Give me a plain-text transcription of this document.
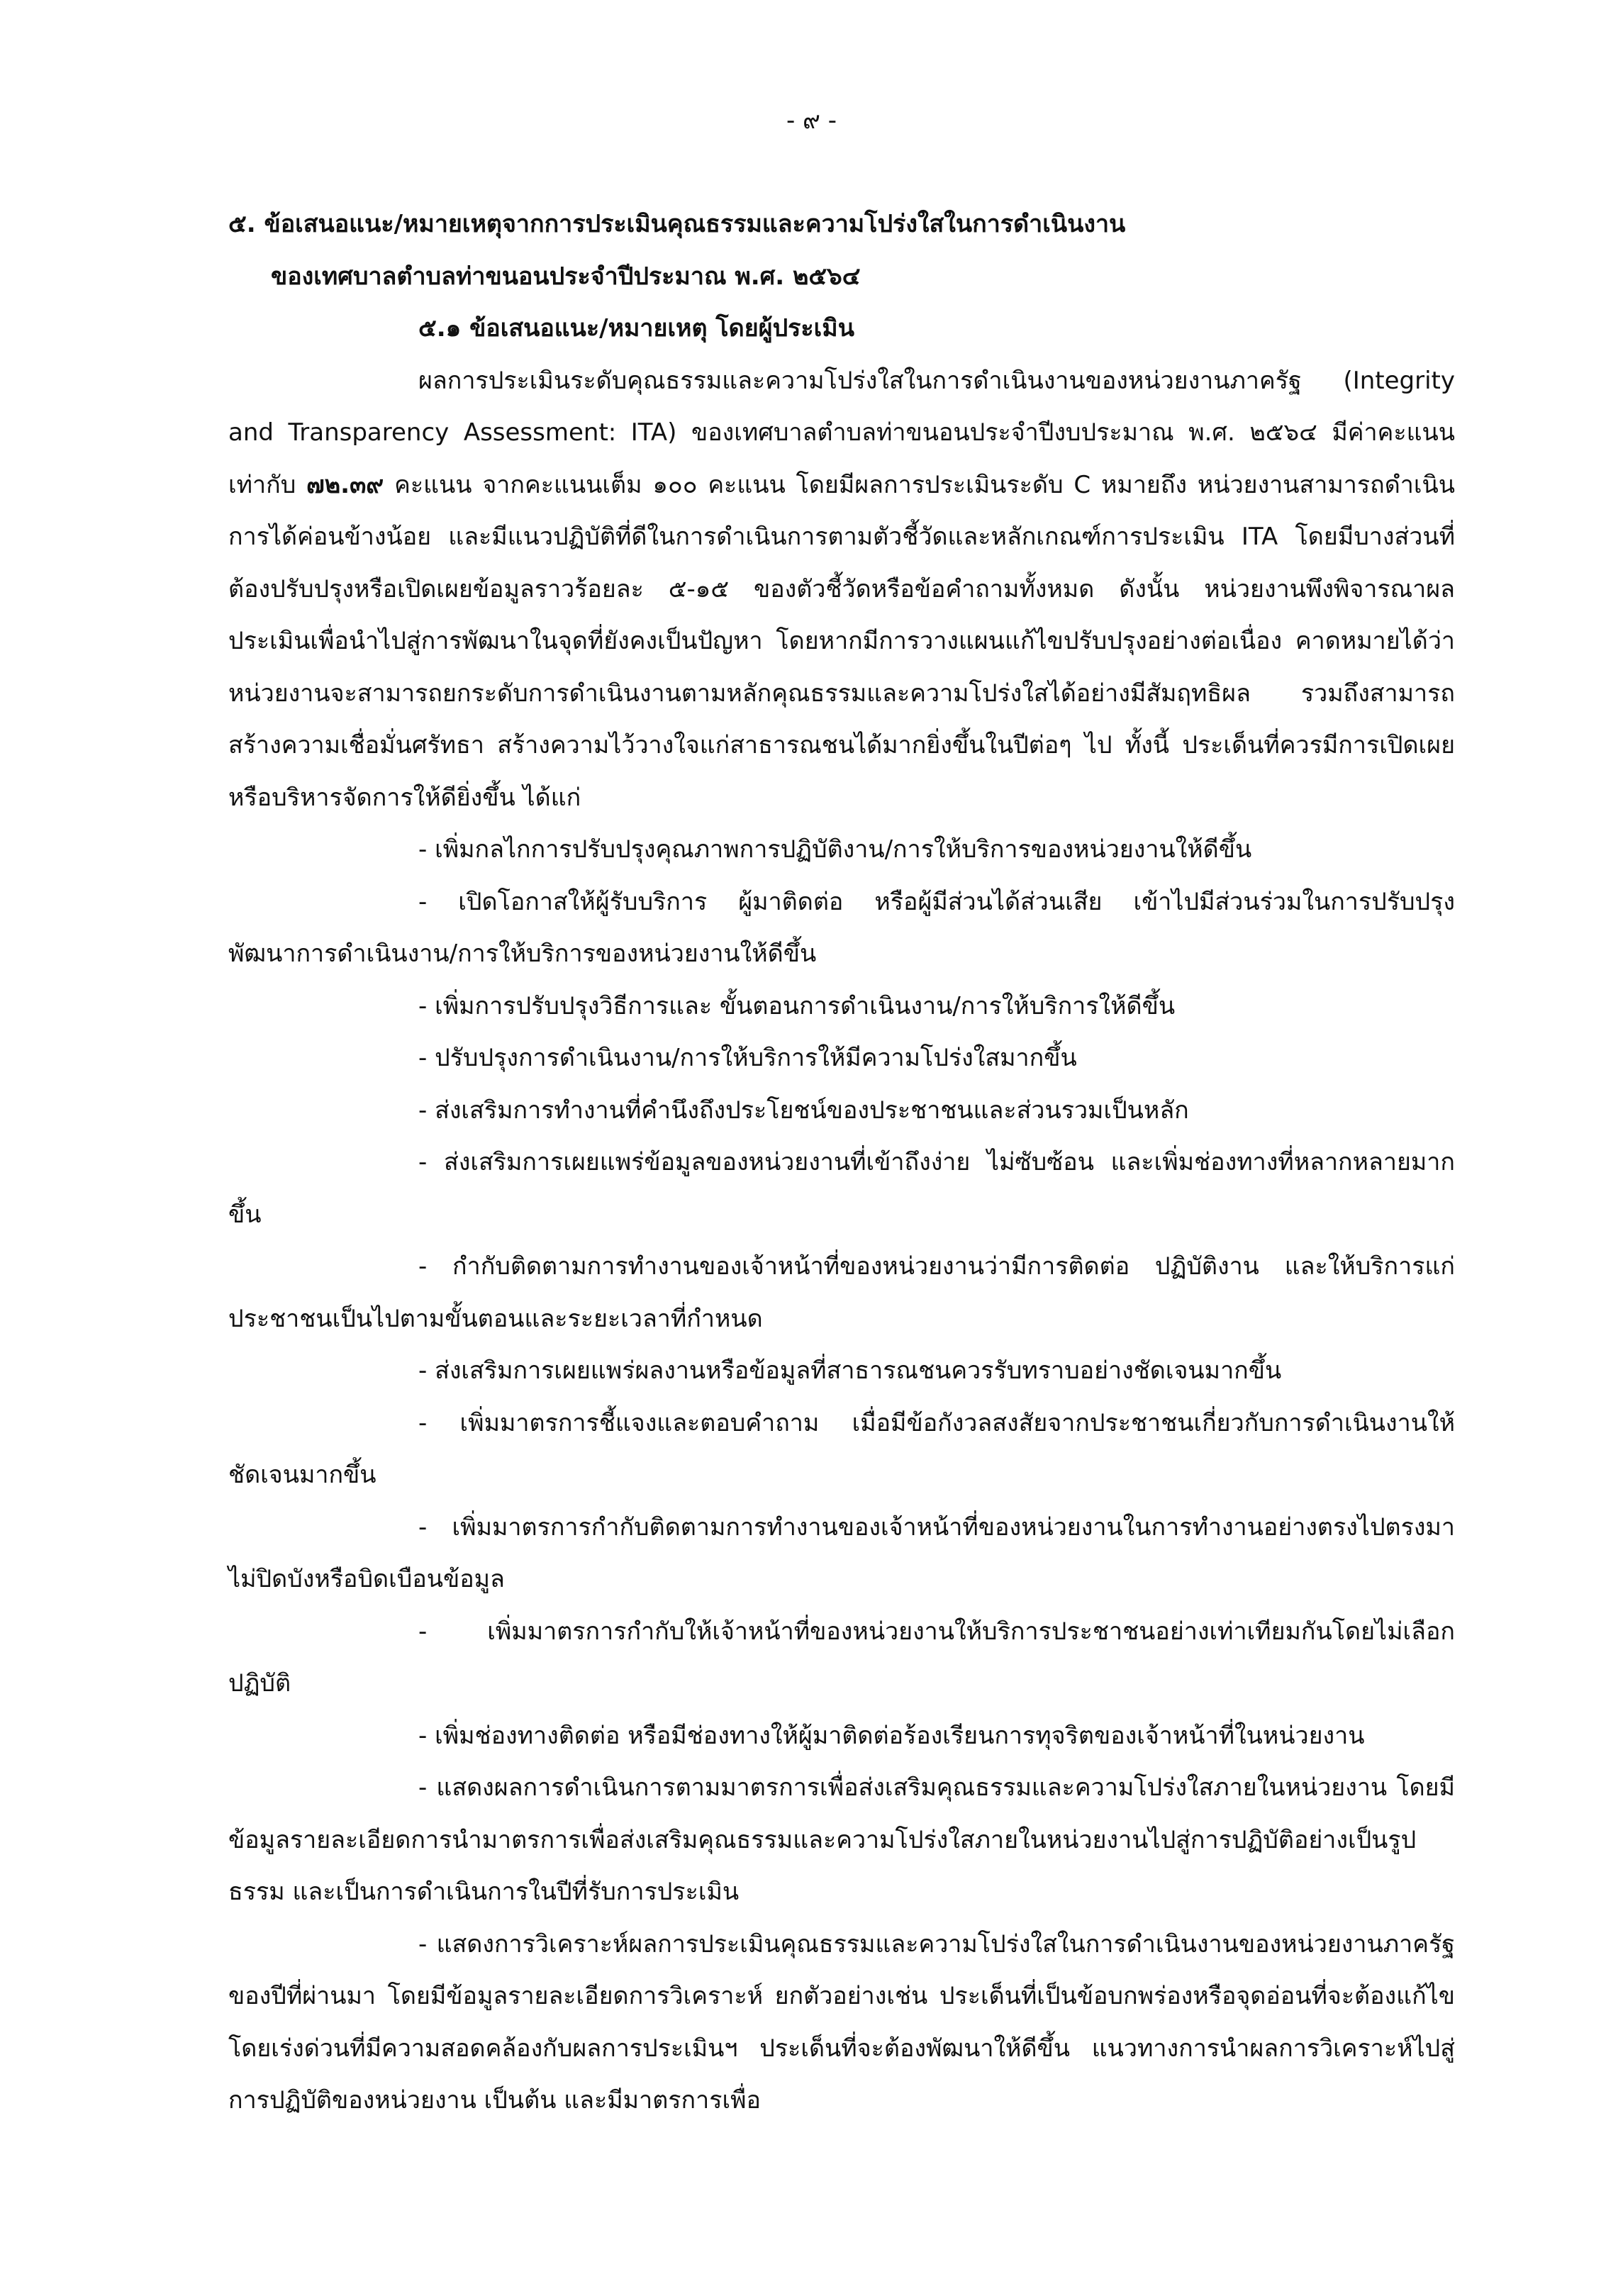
- ๙ -

๕. ข้อเสนอแนะ/หมายเหตุจากการประเมินคุณธรรมและความโปร่งใสในการดำเนินงาน

ของเทศบาลตำบลท่าขนอนประจำปีประมาณ พ.ศ. ๒๕๖๔

๕.๑ ข้อเสนอแนะ/หมายเหตุ โดยผู้ประเมิน

ผลการประเมินระดับคุณธรรมและความโปร่งใสในการดำเนินงานของหน่วยงานภาครัฐ (Integrity and Transparency Assessment: ITA) ของเทศบาลตำบลท่าขนอนประจำปีงบประมาณ พ.ศ. ๒๕๖๔ มีค่าคะแนนเท่ากับ ๗๒.๓๙ คะแนน จากคะแนนเต็ม ๑๐๐ คะแนน โดยมีผลการประเมินระดับ C หมายถึง หน่วยงานสามารถดำเนินการได้ค่อนข้างน้อย และมีแนวปฏิบัติที่ดีในการดำเนินการตามตัวชี้วัดและหลักเกณฑ์การประเมิน ITA โดยมีบางส่วนที่ต้องปรับปรุงหรือเปิดเผยข้อมูลราวร้อยละ ๕-๑๕ ของตัวชี้วัดหรือข้อคำถามทั้งหมด ดังนั้น หน่วยงานพึงพิจารณาผลประเมินเพื่อนำไปสู่การพัฒนาในจุดที่ยังคงเป็นปัญหา โดยหากมีการวางแผนแก้ไขปรับปรุงอย่างต่อเนื่อง คาดหมายได้ว่าหน่วยงานจะสามารถยกระดับการดำเนินงานตามหลักคุณธรรมและความโปร่งใสได้อย่างมีสัมฤทธิผล รวมถึงสามารถสร้างความเชื่อมั่นศรัทธา สร้างความไว้วางใจแก่สาธารณชนได้มากยิ่งขึ้นในปีต่อๆ ไป ทั้งนี้ ประเด็นที่ควรมีการเปิดเผย หรือบริหารจัดการให้ดียิ่งขึ้น ได้แก่

- เพิ่มกลไกการปรับปรุงคุณภาพการปฏิบัติงาน/การให้บริการของหน่วยงานให้ดีขึ้น

- เปิดโอกาสให้ผู้รับบริการ ผู้มาติดต่อ หรือผู้มีส่วนได้ส่วนเสีย เข้าไปมีส่วนร่วมในการปรับปรุงพัฒนาการดำเนินงาน/การให้บริการของหน่วยงานให้ดีขึ้น

- เพิ่มการปรับปรุงวิธีการและ ขั้นตอนการดำเนินงาน/การให้บริการให้ดีขึ้น

- ปรับปรุงการดำเนินงาน/การให้บริการให้มีความโปร่งใสมากขึ้น

- ส่งเสริมการทำงานที่คำนึงถึงประโยชน์ของประชาชนและส่วนรวมเป็นหลัก

- ส่งเสริมการเผยแพร่ข้อมูลของหน่วยงานที่เข้าถึงง่าย ไม่ซับซ้อน และเพิ่มช่องทางที่หลากหลายมากขึ้น

- กำกับติดตามการทำงานของเจ้าหน้าที่ของหน่วยงานว่ามีการติดต่อ ปฏิบัติงาน และให้บริการแก่ประชาชนเป็นไปตามขั้นตอนและระยะเวลาที่กำหนด

- ส่งเสริมการเผยแพร่ผลงานหรือข้อมูลที่สาธารณชนควรรับทราบอย่างชัดเจนมากขึ้น

- เพิ่มมาตรการชี้แจงและตอบคำถาม เมื่อมีข้อกังวลสงสัยจากประชาชนเกี่ยวกับการดำเนินงานให้ชัดเจนมากขึ้น

- เพิ่มมาตรการกำกับติดตามการทำงานของเจ้าหน้าที่ของหน่วยงานในการทำงานอย่างตรงไปตรงมา ไม่ปิดบังหรือบิดเบือนข้อมูล

- เพิ่มมาตรการกำกับให้เจ้าหน้าที่ของหน่วยงานให้บริการประชาชนอย่างเท่าเทียมกันโดยไม่เลือกปฏิบัติ

- เพิ่มช่องทางติดต่อ หรือมีช่องทางให้ผู้มาติดต่อร้องเรียนการทุจริตของเจ้าหน้าที่ในหน่วยงาน

- แสดงผลการดำเนินการตามมาตรการเพื่อส่งเสริมคุณธรรมและความโปร่งใสภายในหน่วยงาน โดยมีข้อมูลรายละเอียดการนำมาตรการเพื่อส่งเสริมคุณธรรมและความโปร่งใสภายในหน่วยงานไปสู่การปฏิบัติอย่างเป็นรูปธรรม และเป็นการดำเนินการในปีที่รับการประเมิน

- แสดงการวิเคราะห์ผลการประเมินคุณธรรมและความโปร่งใสในการดำเนินงานของหน่วยงานภาครัฐของปีที่ผ่านมา โดยมีข้อมูลรายละเอียดการวิเคราะห์ ยกตัวอย่างเช่น ประเด็นที่เป็นข้อบกพร่องหรือจุดอ่อนที่จะต้องแก้ไขโดยเร่งด่วนที่มีความสอดคล้องกับผลการประเมินฯ ประเด็นที่จะต้องพัฒนาให้ดีขึ้น แนวทางการนำผลการวิเคราะห์ไปสู่การปฏิบัติของหน่วยงาน เป็นต้น และมีมาตรการเพื่อ
